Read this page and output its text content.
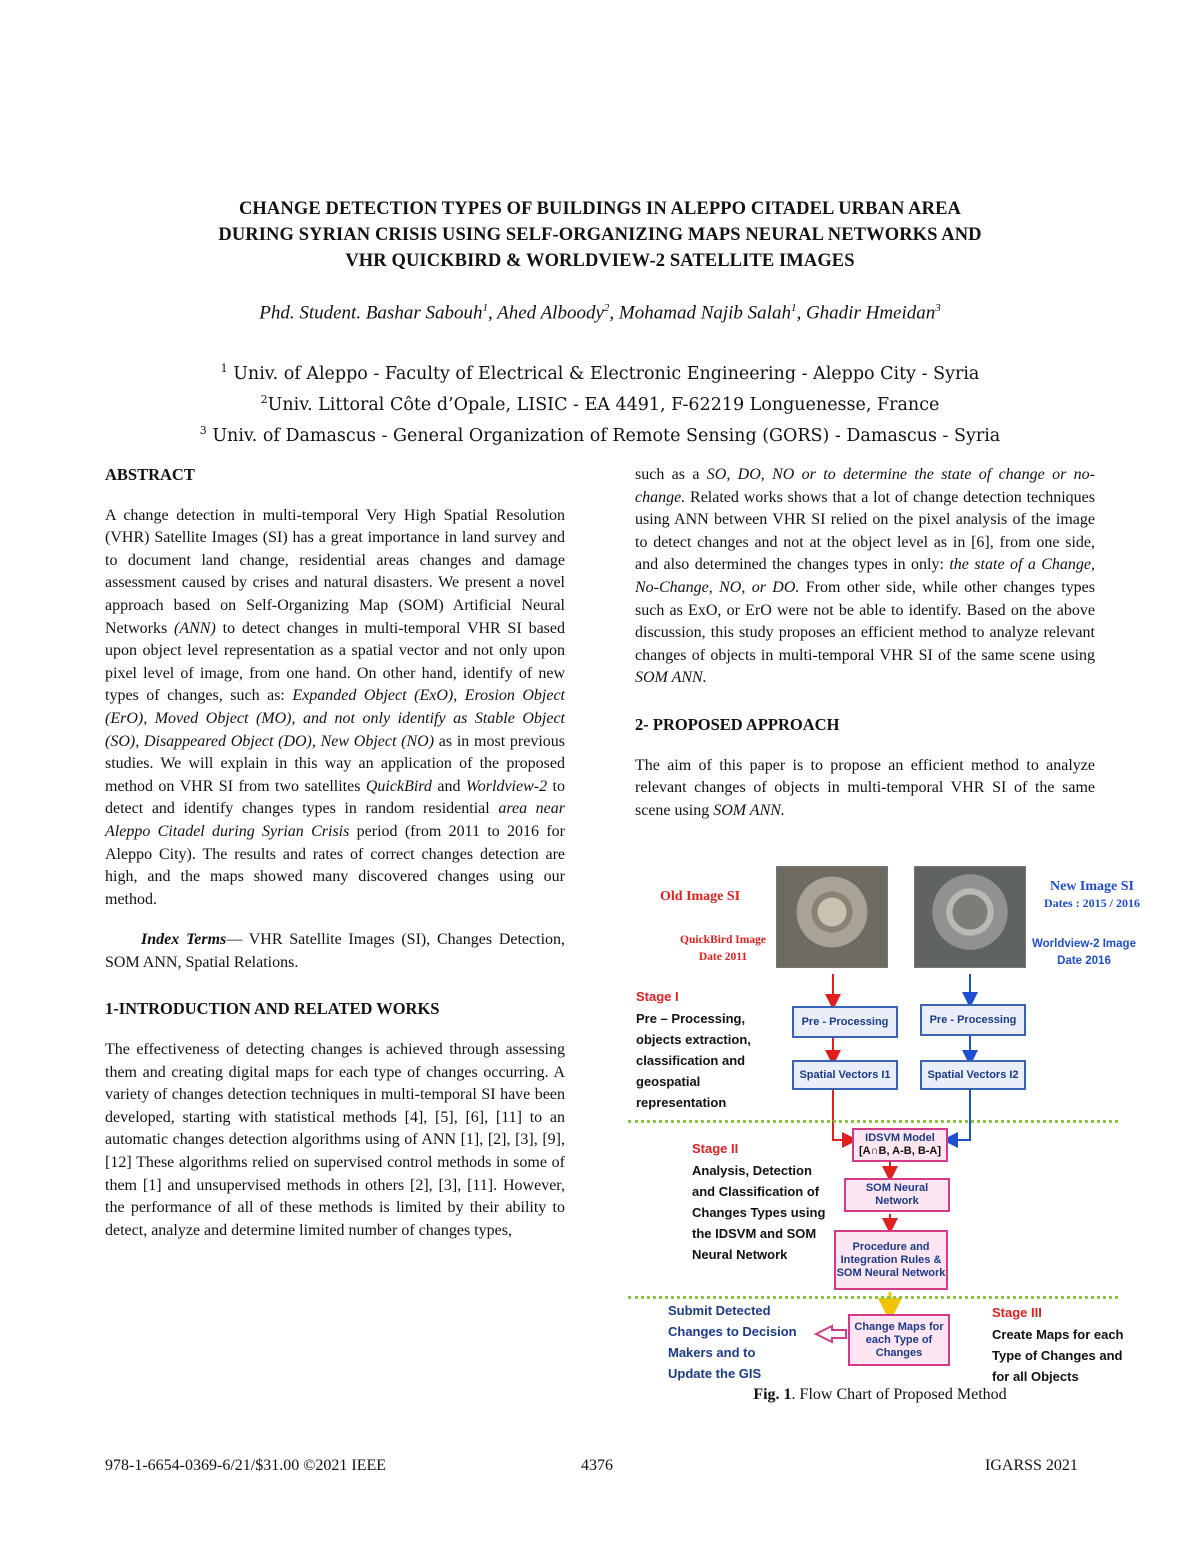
CHANGE DETECTION TYPES OF BUILDINGS IN ALEPPO CITADEL URBAN AREA
DURING SYRIAN CRISIS USING SELF-ORGANIZING MAPS NEURAL NETWORKS AND
VHR QUICKBIRD & WORLDVIEW-2 SATELLITE IMAGES
Phd. Student. Bashar Sabouh$^1$, Ahed Alboody$^2$, Mohamad Najib Salah$^1$, Ghadir Hmeidan$^3$
$^1$ Univ. of Aleppo - Faculty of Electrical & Electronic Engineering - Aleppo City - Syria
$^2$Univ. Littoral Côte d’Opale, LISIC - EA 4491, F-62219 Longuenesse, France
$^3$ Univ. of Damascus - General Organization of Remote Sensing (GORS) - Damascus - Syria

ABSTRACT

A change detection in multi-temporal Very High Spatial Resolution (VHR) Satellite Images (SI) has a great importance in land survey and to document land change, residential areas changes and damage assessment caused by crises and natural disasters. We present a novel approach based on Self-Organizing Map (SOM) Artificial Neural Networks (ANN) to detect changes in multi-temporal VHR SI based upon object level representation as a spatial vector and not only upon pixel level of image, from one hand. On other hand, identify of new types of changes, such as: Expanded Object (ExO), Erosion Object (ErO), Moved Object (MO), and not only identify as Stable Object (SO), Disappeared Object (DO), New Object (NO) as in most previous studies. We will explain in this way an application of the proposed method on VHR SI from two satellites QuickBird and Worldview-2 to detect and identify changes types in random residential area near Aleppo Citadel during Syrian Crisis period (from 2011 to 2016 for Aleppo City). The results and rates of correct changes detection are high, and the maps showed many discovered changes using our method.

Index Terms— VHR Satellite Images (SI), Changes Detection, SOM ANN, Spatial Relations.

1-INTRODUCTION AND RELATED WORKS

The effectiveness of detecting changes is achieved through assessing them and creating digital maps for each type of changes occurring. A variety of changes detection techniques in multi-temporal SI have been developed, starting with statistical methods [4], [5], [6], [11] to an automatic changes detection algorithms using of ANN [1], [2], [3], [9], [12] These algorithms relied on supervised control methods in some of them [1] and unsupervised methods in others [2], [3], [11]. However, the performance of all of these methods is limited by their ability to detect, analyze and determine limited number of changes types,

such as a SO, DO, NO or to determine the state of change or no-change. Related works shows that a lot of change detection techniques using ANN between VHR SI relied on the pixel analysis of the image to detect changes and not at the object level as in [6], from one side, and also determined the changes types in only: the state of a Change, No-Change, NO, or DO. From other side, while other changes types such as ExO, or ErO were not be able to identify. Based on the above discussion, this study proposes an efficient method to analyze relevant changes of objects in multi-temporal VHR SI of the same scene using SOM ANN.

2- PROPOSED APPROACH

The aim of this paper is to propose an efficient method to analyze relevant changes of objects in multi-temporal VHR SI of the same scene using SOM ANN.

Old Image SI
QuickBird Image
Date 2011
New Image SI
Dates : 2015 / 2016
Worldview-2 Image
Date 2016
Stage I
Pre – Processing, objects extraction, classification and geospatial representation
Pre - Processing	Pre - Processing
Spatial Vectors I1	Spatial Vectors I2
Stage II
Analysis, Detection and Classification of Changes Types using the IDSVM and SOM Neural Network
IDSVM Model
[A∩B, A-B, B-A]
SOM Neural Network
Procedure and Integration Rules & SOM Neural Network
Submit Detected Changes to Decision Makers and to Update the GIS
Change Maps for each Type of Changes
Stage III
Create Maps for each Type of Changes and for all Objects
Fig. 1. Flow Chart of Proposed Method
978-1-6654-0369-6/21/$31.00 ©2021 IEEE	4376	IGARSS 2021
